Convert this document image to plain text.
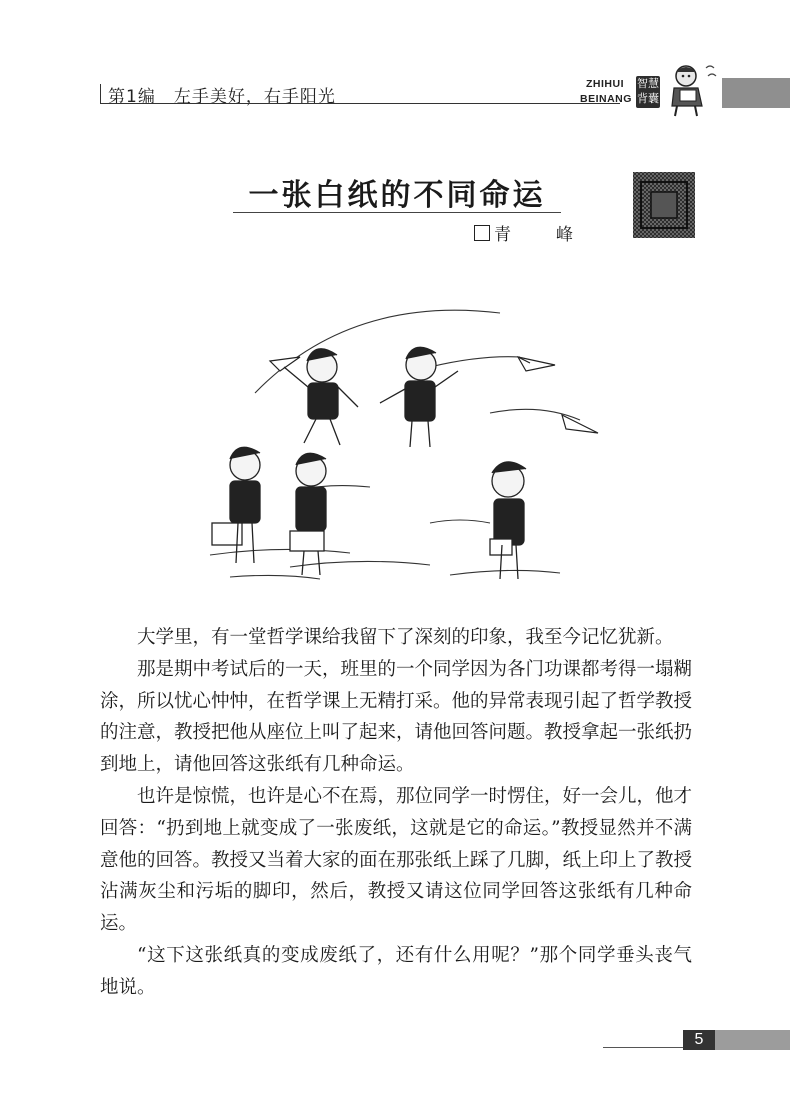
第1编　左手美好，右手阳光
ZHIHUI
BEINANG
智慧
背囊
一张白纸的不同命运
青　峰

大学里，有一堂哲学课给我留下了深刻的印象，我至今记忆犹新。

那是期中考试后的一天，班里的一个同学因为各门功课都考得一塌糊涂，所以忧心忡忡，在哲学课上无精打采。他的异常表现引起了哲学教授的注意，教授把他从座位上叫了起来，请他回答问题。教授拿起一张纸扔到地上，请他回答这张纸有几种命运。

也许是惊慌，也许是心不在焉，那位同学一时愣住，好一会儿，他才回答：“扔到地上就变成了一张废纸，这就是它的命运。”教授显然并不满意他的回答。教授又当着大家的面在那张纸上踩了几脚，纸上印上了教授沾满灰尘和污垢的脚印，然后，教授又请这位同学回答这张纸有几种命运。

“这下这张纸真的变成废纸了，还有什么用呢？”那个同学垂头丧气地说。

5
